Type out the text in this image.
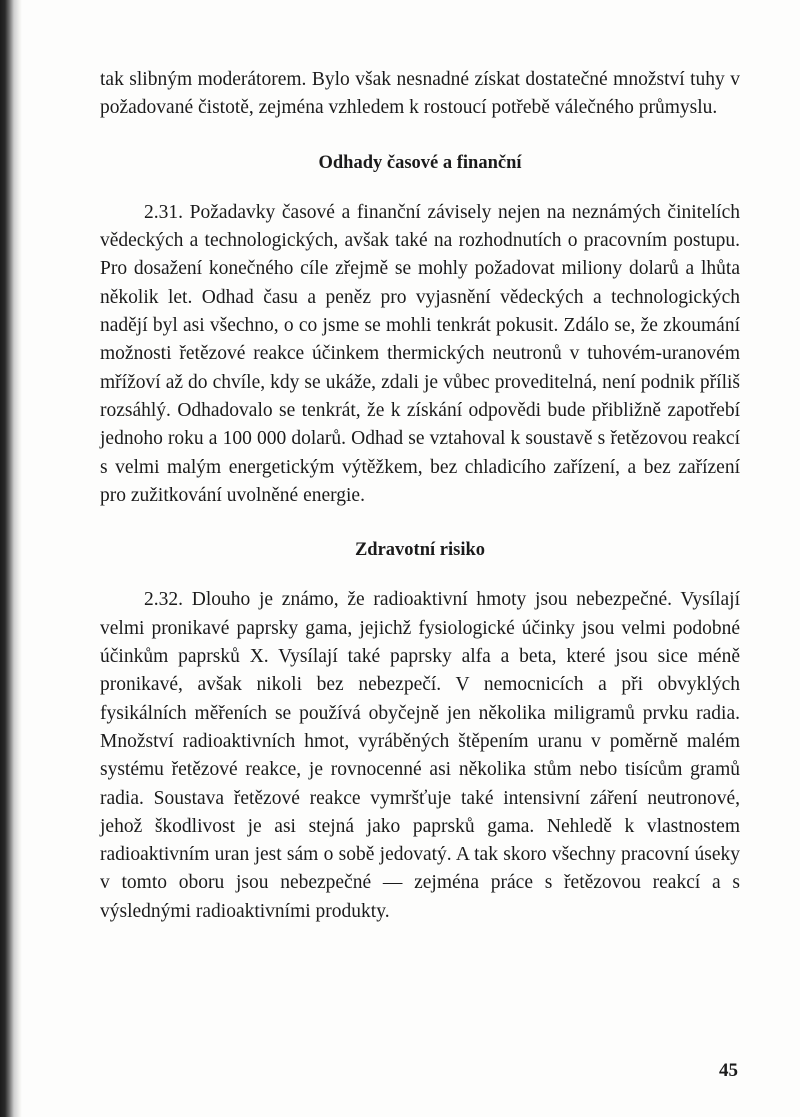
tak slibným moderátorem. Bylo však nesnadné získat dostatečné množství tuhy v požadované čistotě, zejména vzhledem k rostoucí potřebě válečného průmyslu.

Odhady časové a finanční

2.31. Požadavky časové a finanční závisely nejen na neznámých činitelích vědeckých a technologických, avšak také na rozhodnutích o pracovním postupu. Pro dosažení konečného cíle zřejmě se mohly požadovat miliony dolarů a lhůta několik let. Odhad času a peněz pro vyjasnění vědeckých a technologických nadějí byl asi všechno, o co jsme se mohli tenkrát pokusit. Zdálo se, že zkoumání možnosti řetězové reakce účinkem thermických neutronů v tuhovém-uranovém mřížoví až do chvíle, kdy se ukáže, zdali je vůbec proveditelná, není podnik příliš rozsáhlý. Odhadovalo se tenkrát, že k získání odpovědi bude přibližně zapotřebí jednoho roku a 100 000 dolarů. Odhad se vztahoval k soustavě s řetězovou reakcí s velmi malým energetickým výtěžkem, bez chladicího zařízení, a bez zařízení pro zužitkování uvolněné energie.

Zdravotní risiko

2.32. Dlouho je známo, že radioaktivní hmoty jsou nebezpečné. Vysílají velmi pronikavé paprsky gama, jejichž fysiologické účinky jsou velmi podobné účinkům paprsků X. Vysílají také paprsky alfa a beta, které jsou sice méně pronikavé, avšak nikoli bez nebezpečí. V nemocnicích a při obvyklých fysikálních měřeních se používá obyčejně jen několika miligramů prvku radia. Množství radioaktivních hmot, vyráběných štěpením uranu v poměrně malém systému řetězové reakce, je rovnocenné asi několika stům nebo tisícům gramů radia. Soustava řetězové reakce vymršťuje také intensivní záření neutronové, jehož škodlivost je asi stejná jako paprsků gama. Nehledě k vlastnostem radioaktivním uran jest sám o sobě jedovatý. A tak skoro všechny pracovní úseky v tomto oboru jsou nebezpečné — zejména práce s řetězovou reakcí a s výslednými radioaktivními produkty.

45
